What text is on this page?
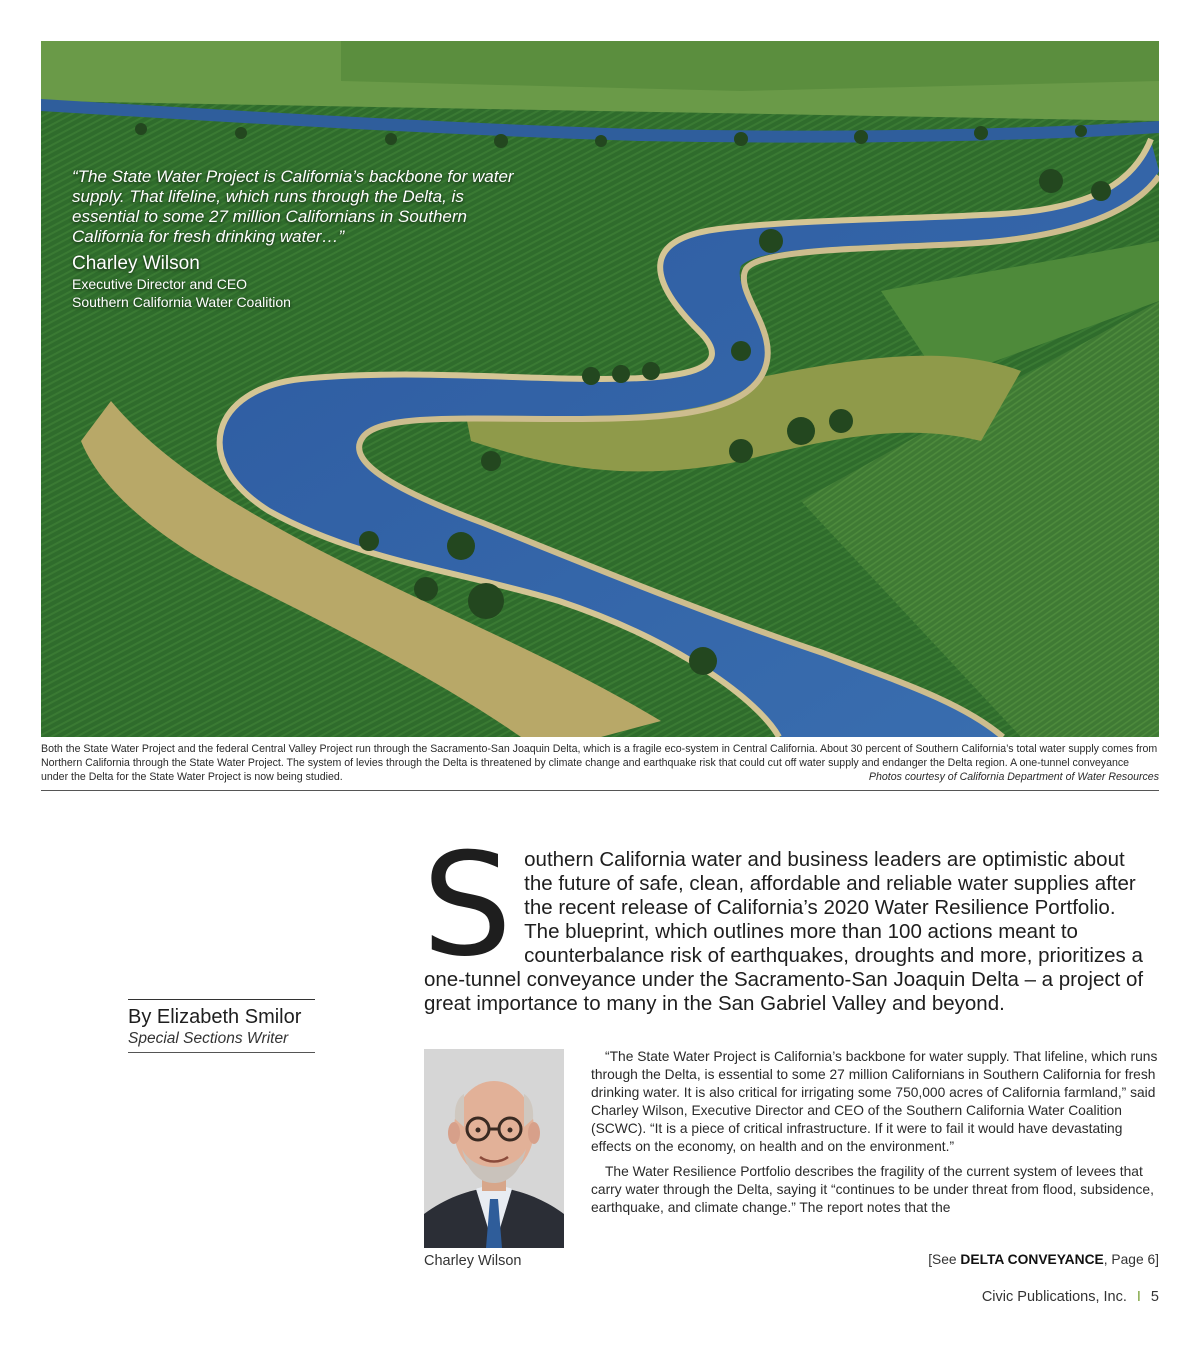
“The State Water Project is California’s backbone for water supply. That lifeline, which runs through the Delta, is essential to some 27 million Californians in Southern California for fresh drinking water…”

Charley Wilson
Executive Director and CEO
Southern California Water Coalition
Both the State Water Project and the federal Central Valley Project run through the Sacramento-San Joaquin Delta, which is a fragile eco-system in Central California. About 30 percent of Southern California’s total water supply comes from Northern California through the State Water Project. The system of levies through the Delta is threatened by climate change and earthquake risk that could cut off water supply and endanger the Delta region. A one-tunnel conveyance under the Delta for the State Water Project is now being studied.	Photos courtesy of California Department of Water Resources
By Elizabeth Smilor
Special Sections Writer
S outhern California water and business leaders are optimistic about the future of safe, clean, affordable and reliable water supplies after the recent release of California’s 2020 Water Resilience Portfolio. The blueprint, which outlines more than 100 actions meant to counterbalance risk of earthquakes, droughts and more, prioritizes a one-tunnel conveyance under the Sacramento-San Joaquin Delta – a project of great importance to many in the San Gabriel Valley and beyond.
Charley Wilson

“The State Water Project is California’s backbone for water supply. That lifeline, which runs through the Delta, is essential to some 27 million Californians in Southern California for fresh drinking water. It is also critical for irrigating some 750,000 acres of California farmland,” said Charley Wilson, Executive Director and CEO of the Southern California Water Coalition (SCWC). “It is a piece of critical infrastructure. If it were to fail it would have devastating effects on the economy, on health and on the environment.”

The Water Resilience Portfolio describes the fragility of the current system of levees that carry water through the Delta, saying it “continues to be under threat from flood, subsidence, earthquake, and climate change.” The report notes that the

[See DELTA CONVEYANCE, Page 6]
Civic Publications, Inc. I 5
